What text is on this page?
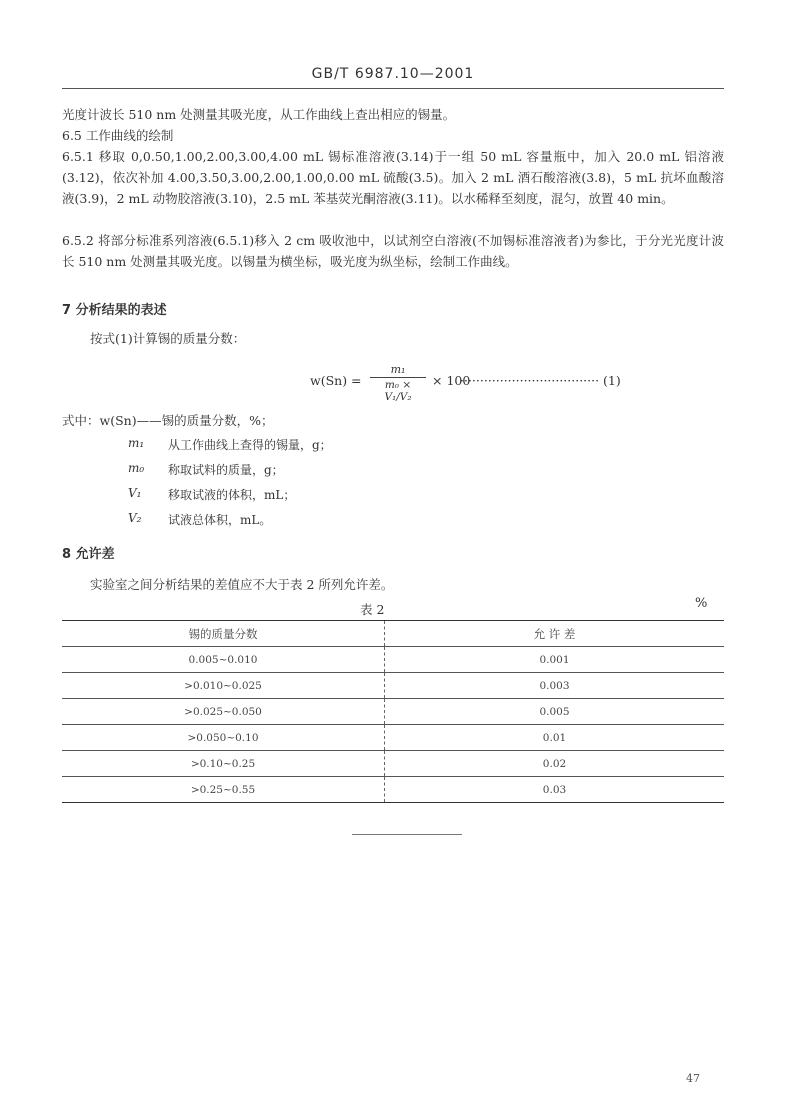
GB/T 6987.10—2001
光度计波长 510 nm 处测量其吸光度，从工作曲线上查出相应的锡量。
6.5 工作曲线的绘制
6.5.1 移取 0,0.50,1.00,2.00,3.00,4.00 mL 锡标准溶液(3.14)于一组 50 mL 容量瓶中，加入 20.0 mL 铝溶液(3.12)，依次补加 4.00,3.50,3.00,2.00,1.00,0.00 mL 硫酸(3.5)。加入 2 mL 酒石酸溶液(3.8)，5 mL 抗坏血酸溶液(3.9)，2 mL 动物胶溶液(3.10)，2.5 mL 苯基荧光酮溶液(3.11)。以水稀释至刻度，混匀，放置 40 min。
6.5.2 将部分标准系列溶液(6.5.1)移入 2 cm 吸收池中，以试剂空白溶液(不加锡标准溶液者)为参比，于分光光度计波长 510 nm 处测量其吸光度。以锡量为横坐标，吸光度为纵坐标，绘制工作曲线。
7 分析结果的表述
按式(1)计算锡的质量分数：
$w(Sn) = \frac{\text{m₁}}{\text{m₀ × V₁/V₂}} \times 100$
··································· (1)
式中：w(Sn)——锡的质量分数，%；
m₁ 从工作曲线上查得的锡量，g；
m₀ 称取试料的质量，g；
V₁ 移取试液的体积，mL；
V₂ 试液总体积，mL。
8 允许差
实验室之间分析结果的差值应不大于表 2 所列允许差。
表 2	%
锡的质量分数	允 许 差
0.005~0.010	0.001
>0.010~0.025	0.003
>0.025~0.050	0.005
>0.050~0.10	0.01
>0.10~0.25	0.02
>0.25~0.55	0.03
47
